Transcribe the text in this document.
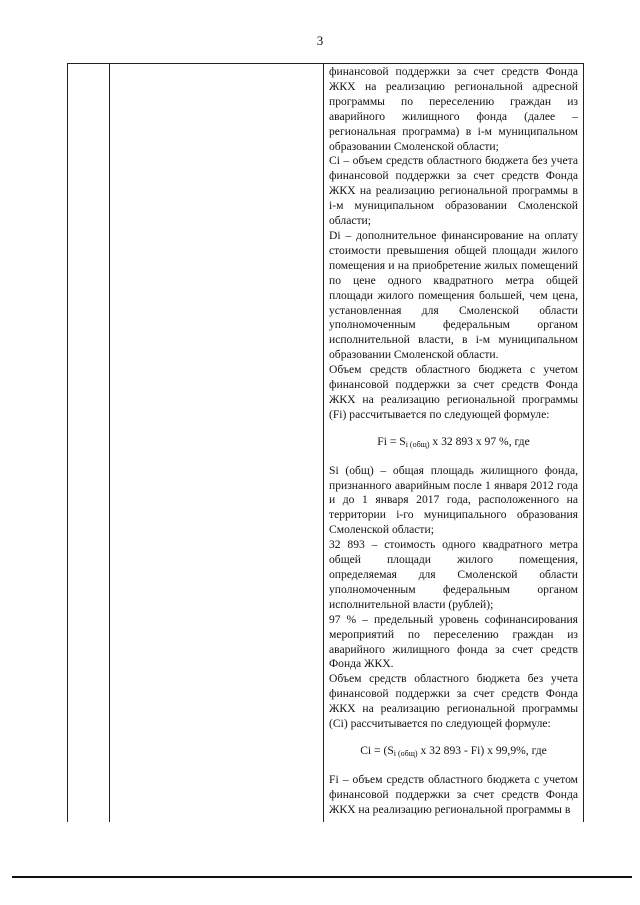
3

финансовой поддержки за счет средств Фонда ЖКХ на реализацию региональной адресной программы по переселению граждан из аварийного жилищного фонда (далее – региональная программа) в i-м муниципальном образовании Смоленской области;

Ci – объем средств областного бюджета без учета финансовой поддержки за счет средств Фонда ЖКХ на реализацию региональной программы в i-м муниципальном образовании Смоленской области;

Di – дополнительное финансирование на оплату стоимости превышения общей площади жилого помещения и на приобретение жилых помещений по цене одного квадратного метра общей площади жилого помещения большей, чем цена, установленная для Смоленской области уполномоченным федеральным органом исполнительной власти, в i-м муниципальном образовании Смоленской области.

Объем средств областного бюджета с учетом финансовой поддержки за счет средств Фонда ЖКХ на реализацию региональной программы (Fi) рассчитывается по следующей формуле:

$Fi = S_{i (общ)}$ x 32 893 x 97 %, где

Si (общ) – общая площадь жилищного фонда, признанного аварийным после 1 января 2012 года и до 1 января 2017 года, расположенного на территории i-го муниципального образования Смоленской области;

32 893 – стоимость одного квадратного метра общей площади жилого помещения, определяемая для Смоленской области уполномоченным федеральным органом исполнительной власти (рублей);

97 % – предельный уровень софинансирования мероприятий по переселению граждан из аварийного жилищного фонда за счет средств Фонда ЖКХ.

Объем средств областного бюджета без учета финансовой поддержки за счет средств Фонда ЖКХ на реализацию региональной программы (Ci) рассчитывается по следующей формуле:

$Ci = (S_{i (общ)}$ x 32 893 - Fi) x 99,9%, где

Fi – объем средств областного бюджета с учетом финансовой поддержки за счет средств Фонда ЖКХ на реализацию региональной программы в
